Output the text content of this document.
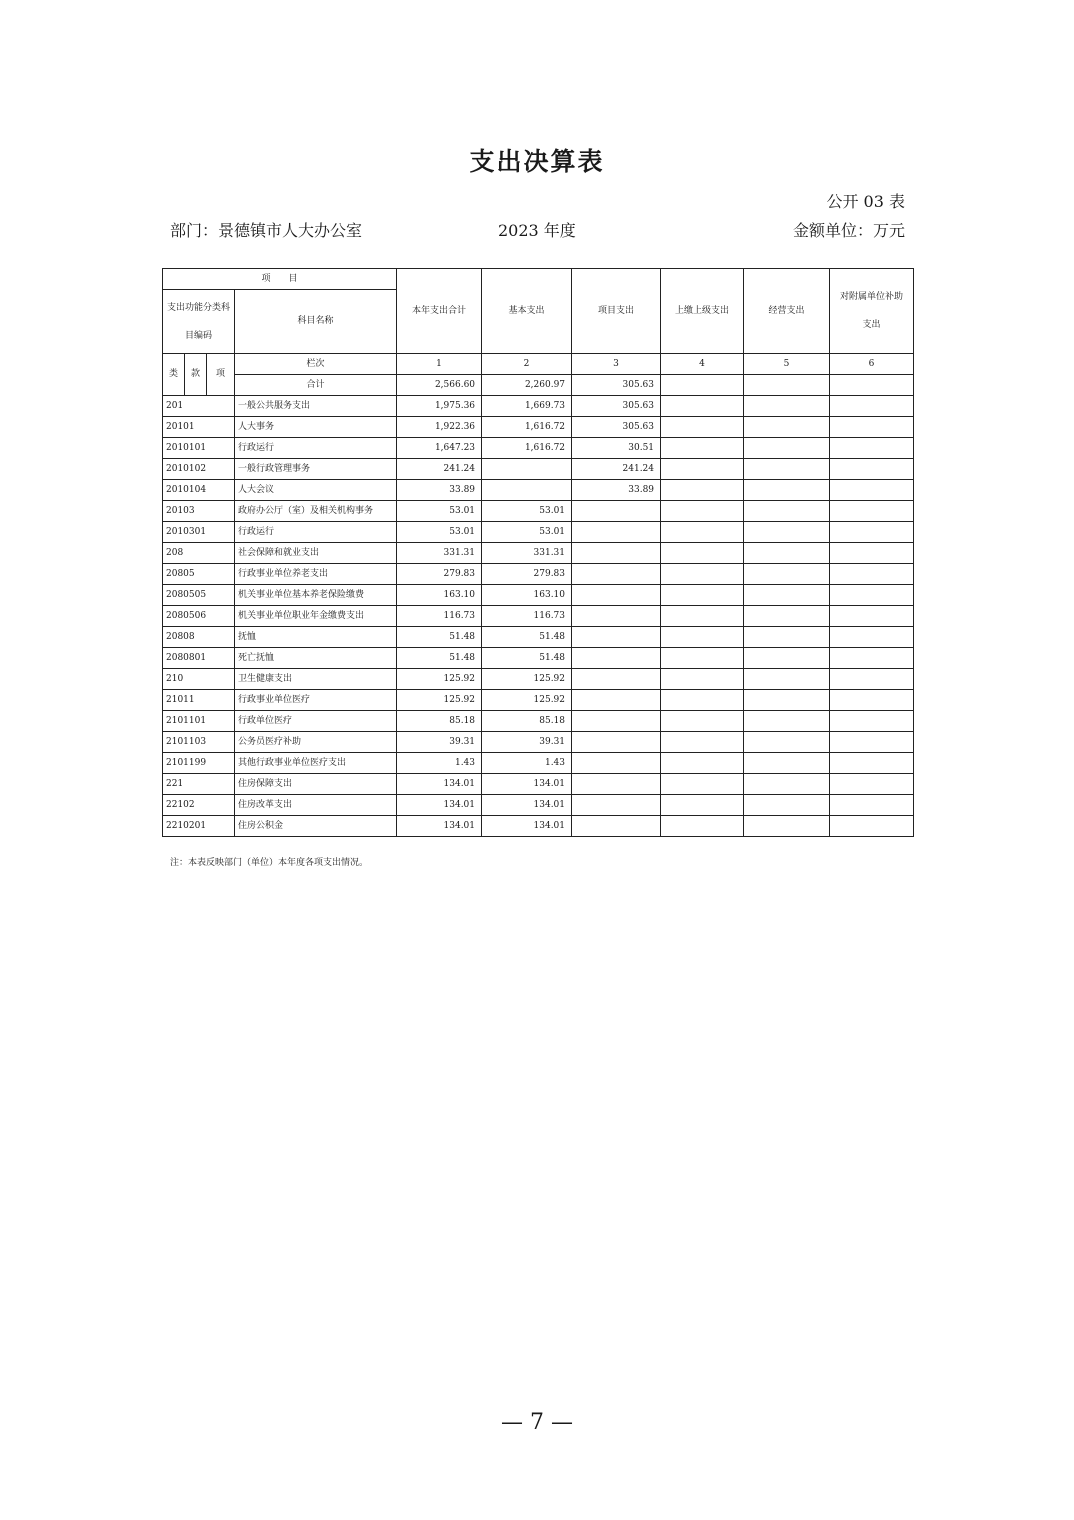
支出决算表
公开 03 表
部门：景德镇市人大办公室	2023 年度	金额单位：万元
项　　目				本年支出合计	基本支出	项目支出	上缴上级支出	经营支出	对附属单位补助支出
支出功能分类科目编码			科目名称						
类	款	项	栏次	1	2	3	4	5	6
			合计	2,566.60	2,260.97	305.63			
201			一般公共服务支出	1,975.36	1,669.73	305.63			
20101			人大事务	1,922.36	1,616.72	305.63			
2010101			行政运行	1,647.23	1,616.72	30.51			
2010102			一般行政管理事务	241.24		241.24			
2010104			人大会议	33.89		33.89			
20103			政府办公厅（室）及相关机构事务	53.01	53.01				
2010301			行政运行	53.01	53.01				
208			社会保障和就业支出	331.31	331.31				
20805			行政事业单位养老支出	279.83	279.83				
2080505			机关事业单位基本养老保险缴费	163.10	163.10				
2080506			机关事业单位职业年金缴费支出	116.73	116.73				
20808			抚恤	51.48	51.48				
2080801			死亡抚恤	51.48	51.48				
210			卫生健康支出	125.92	125.92				
21011			行政事业单位医疗	125.92	125.92				
2101101			行政单位医疗	85.18	85.18				
2101103			公务员医疗补助	39.31	39.31				
2101199			其他行政事业单位医疗支出	1.43	1.43				
221			住房保障支出	134.01	134.01				
22102			住房改革支出	134.01	134.01				
2210201			住房公积金	134.01	134.01				
注：本表反映部门（单位）本年度各项支出情况。
— 7 —
